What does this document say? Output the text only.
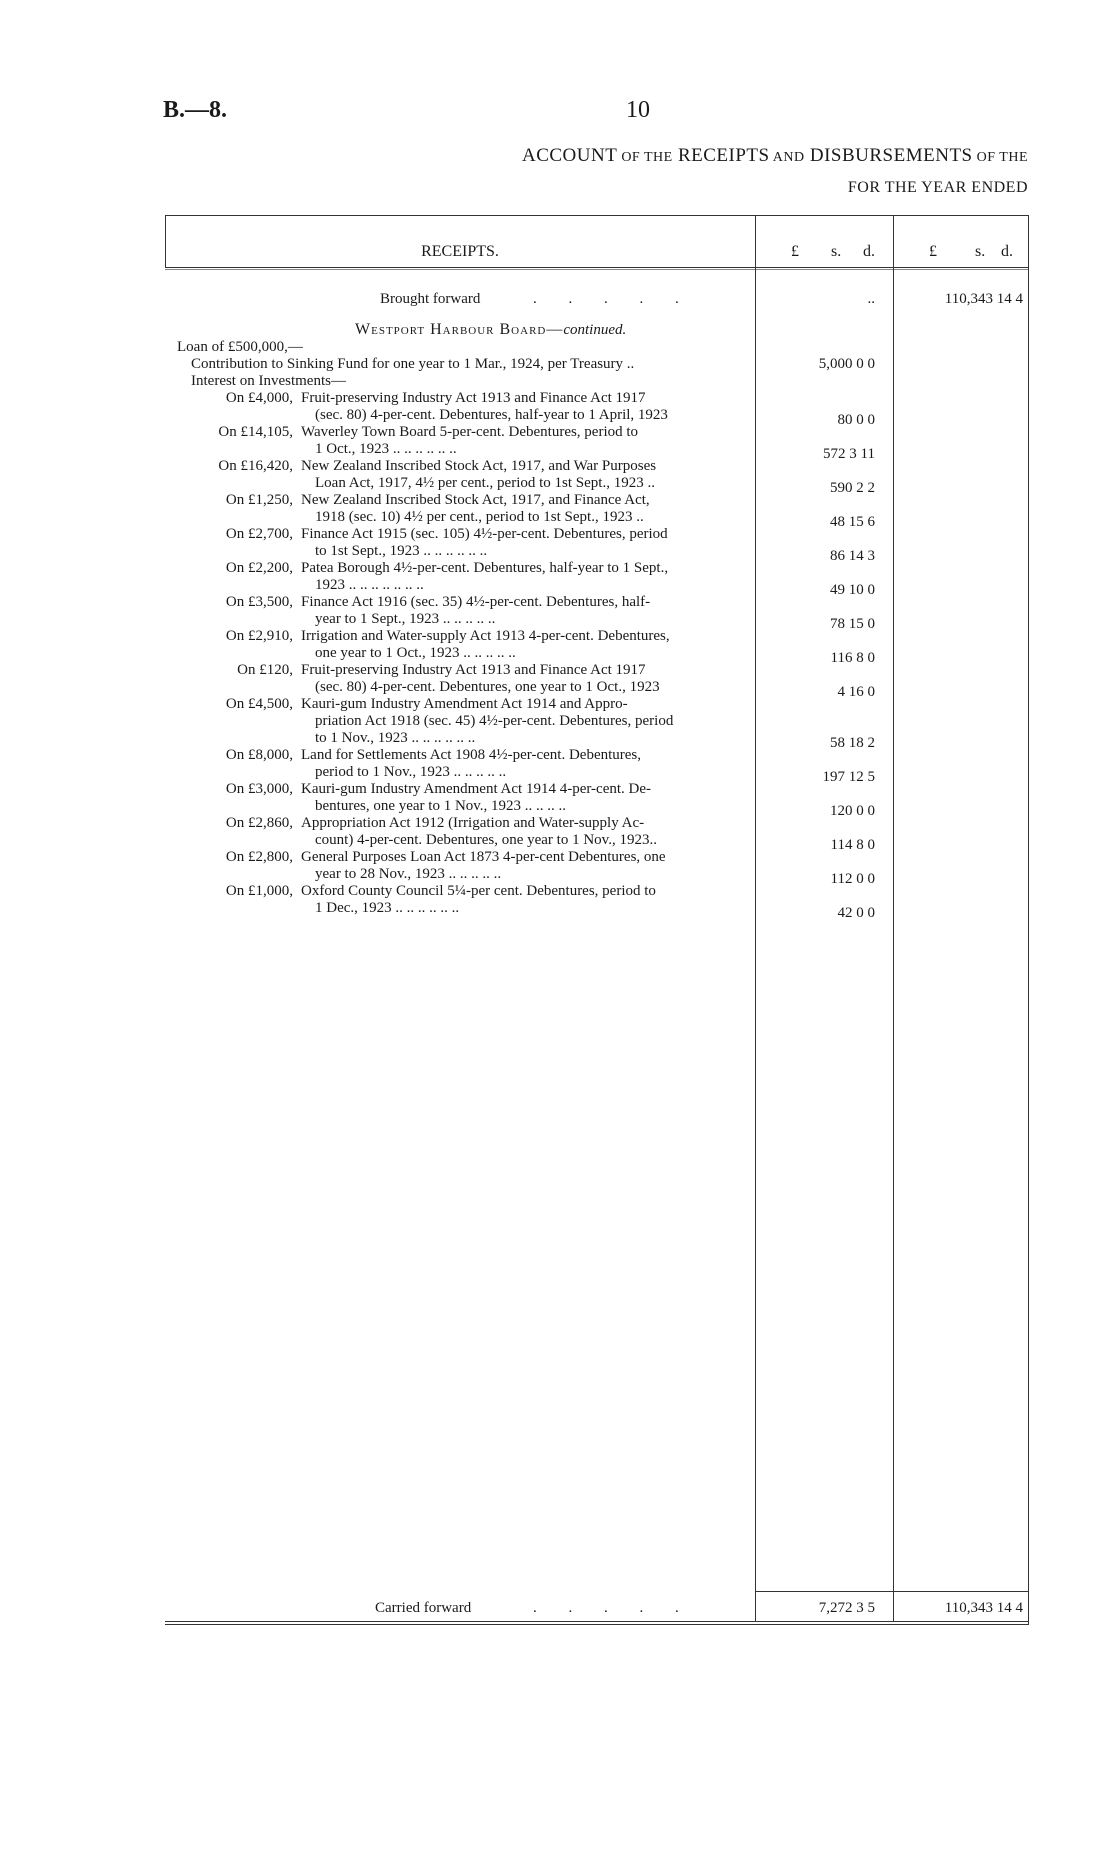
B.—8.	10
ACCOUNT OF THE RECEIPTS AND DISBURSEMENTS OF THE
FOR THE YEAR ENDED
RECEIPTS.	£ s. d.	£ s. d.
Brought forward	. . . . .	..	110,343 14 4
Westport Harbour Board—continued.
Loan of £500,000,—
Contribution to Sinking Fund for one year to 1 Mar., 1924, per Treasury ..	5,000 0 0
Interest on Investments—
On £4,000, Fruit-preserving Industry Act 1913 and Finance Act 1917
(sec. 80) 4-per-cent. Debentures, half-year to 1 April, 1923	80 0 0
On £14,105, Waverley Town Board 5-per-cent. Debentures, period to
1 Oct., 1923 .. .. .. .. .. ..	572 3 11
On £16,420, New Zealand Inscribed Stock Act, 1917, and War Purposes
Loan Act, 1917, 4½ per cent., period to 1st Sept., 1923 ..	590 2 2
On £1,250, New Zealand Inscribed Stock Act, 1917, and Finance Act,
1918 (sec. 10) 4½ per cent., period to 1st Sept., 1923 ..	48 15 6
On £2,700, Finance Act 1915 (sec. 105) 4½-per-cent. Debentures, period
to 1st Sept., 1923 .. .. .. .. .. ..	86 14 3
On £2,200, Patea Borough 4½-per-cent. Debentures, half-year to 1 Sept.,
1923 .. .. .. .. .. .. ..	49 10 0
On £3,500, Finance Act 1916 (sec. 35) 4½-per-cent. Debentures, half-
year to 1 Sept., 1923 .. .. .. .. ..	78 15 0
On £2,910, Irrigation and Water-supply Act 1913 4-per-cent. Debentures,
one year to 1 Oct., 1923 .. .. .. .. ..	116 8 0
On £120, Fruit-preserving Industry Act 1913 and Finance Act 1917
(sec. 80) 4-per-cent. Debentures, one year to 1 Oct., 1923	4 16 0
On £4,500, Kauri-gum Industry Amendment Act 1914 and Appro-
priation Act 1918 (sec. 45) 4½-per-cent. Debentures, period
to 1 Nov., 1923 .. .. .. .. .. ..	58 18 2
On £8,000, Land for Settlements Act 1908 4½-per-cent. Debentures,
period to 1 Nov., 1923 .. .. .. .. ..	197 12 5
On £3,000, Kauri-gum Industry Amendment Act 1914 4-per-cent. De-
bentures, one year to 1 Nov., 1923 .. .. .. ..	120 0 0
On £2,860, Appropriation Act 1912 (Irrigation and Water-supply Ac-
count) 4-per-cent. Debentures, one year to 1 Nov., 1923..	114 8 0
On £2,800, General Purposes Loan Act 1873 4-per-cent Debentures, one
year to 28 Nov., 1923 .. .. .. .. ..	112 0 0
On £1,000, Oxford County Council 5¼-per cent. Debentures, period to
1 Dec., 1923 .. .. .. .. .. ..	42 0 0
Carried forward	. . . . .	7,272 3 5	110,343 14 4
